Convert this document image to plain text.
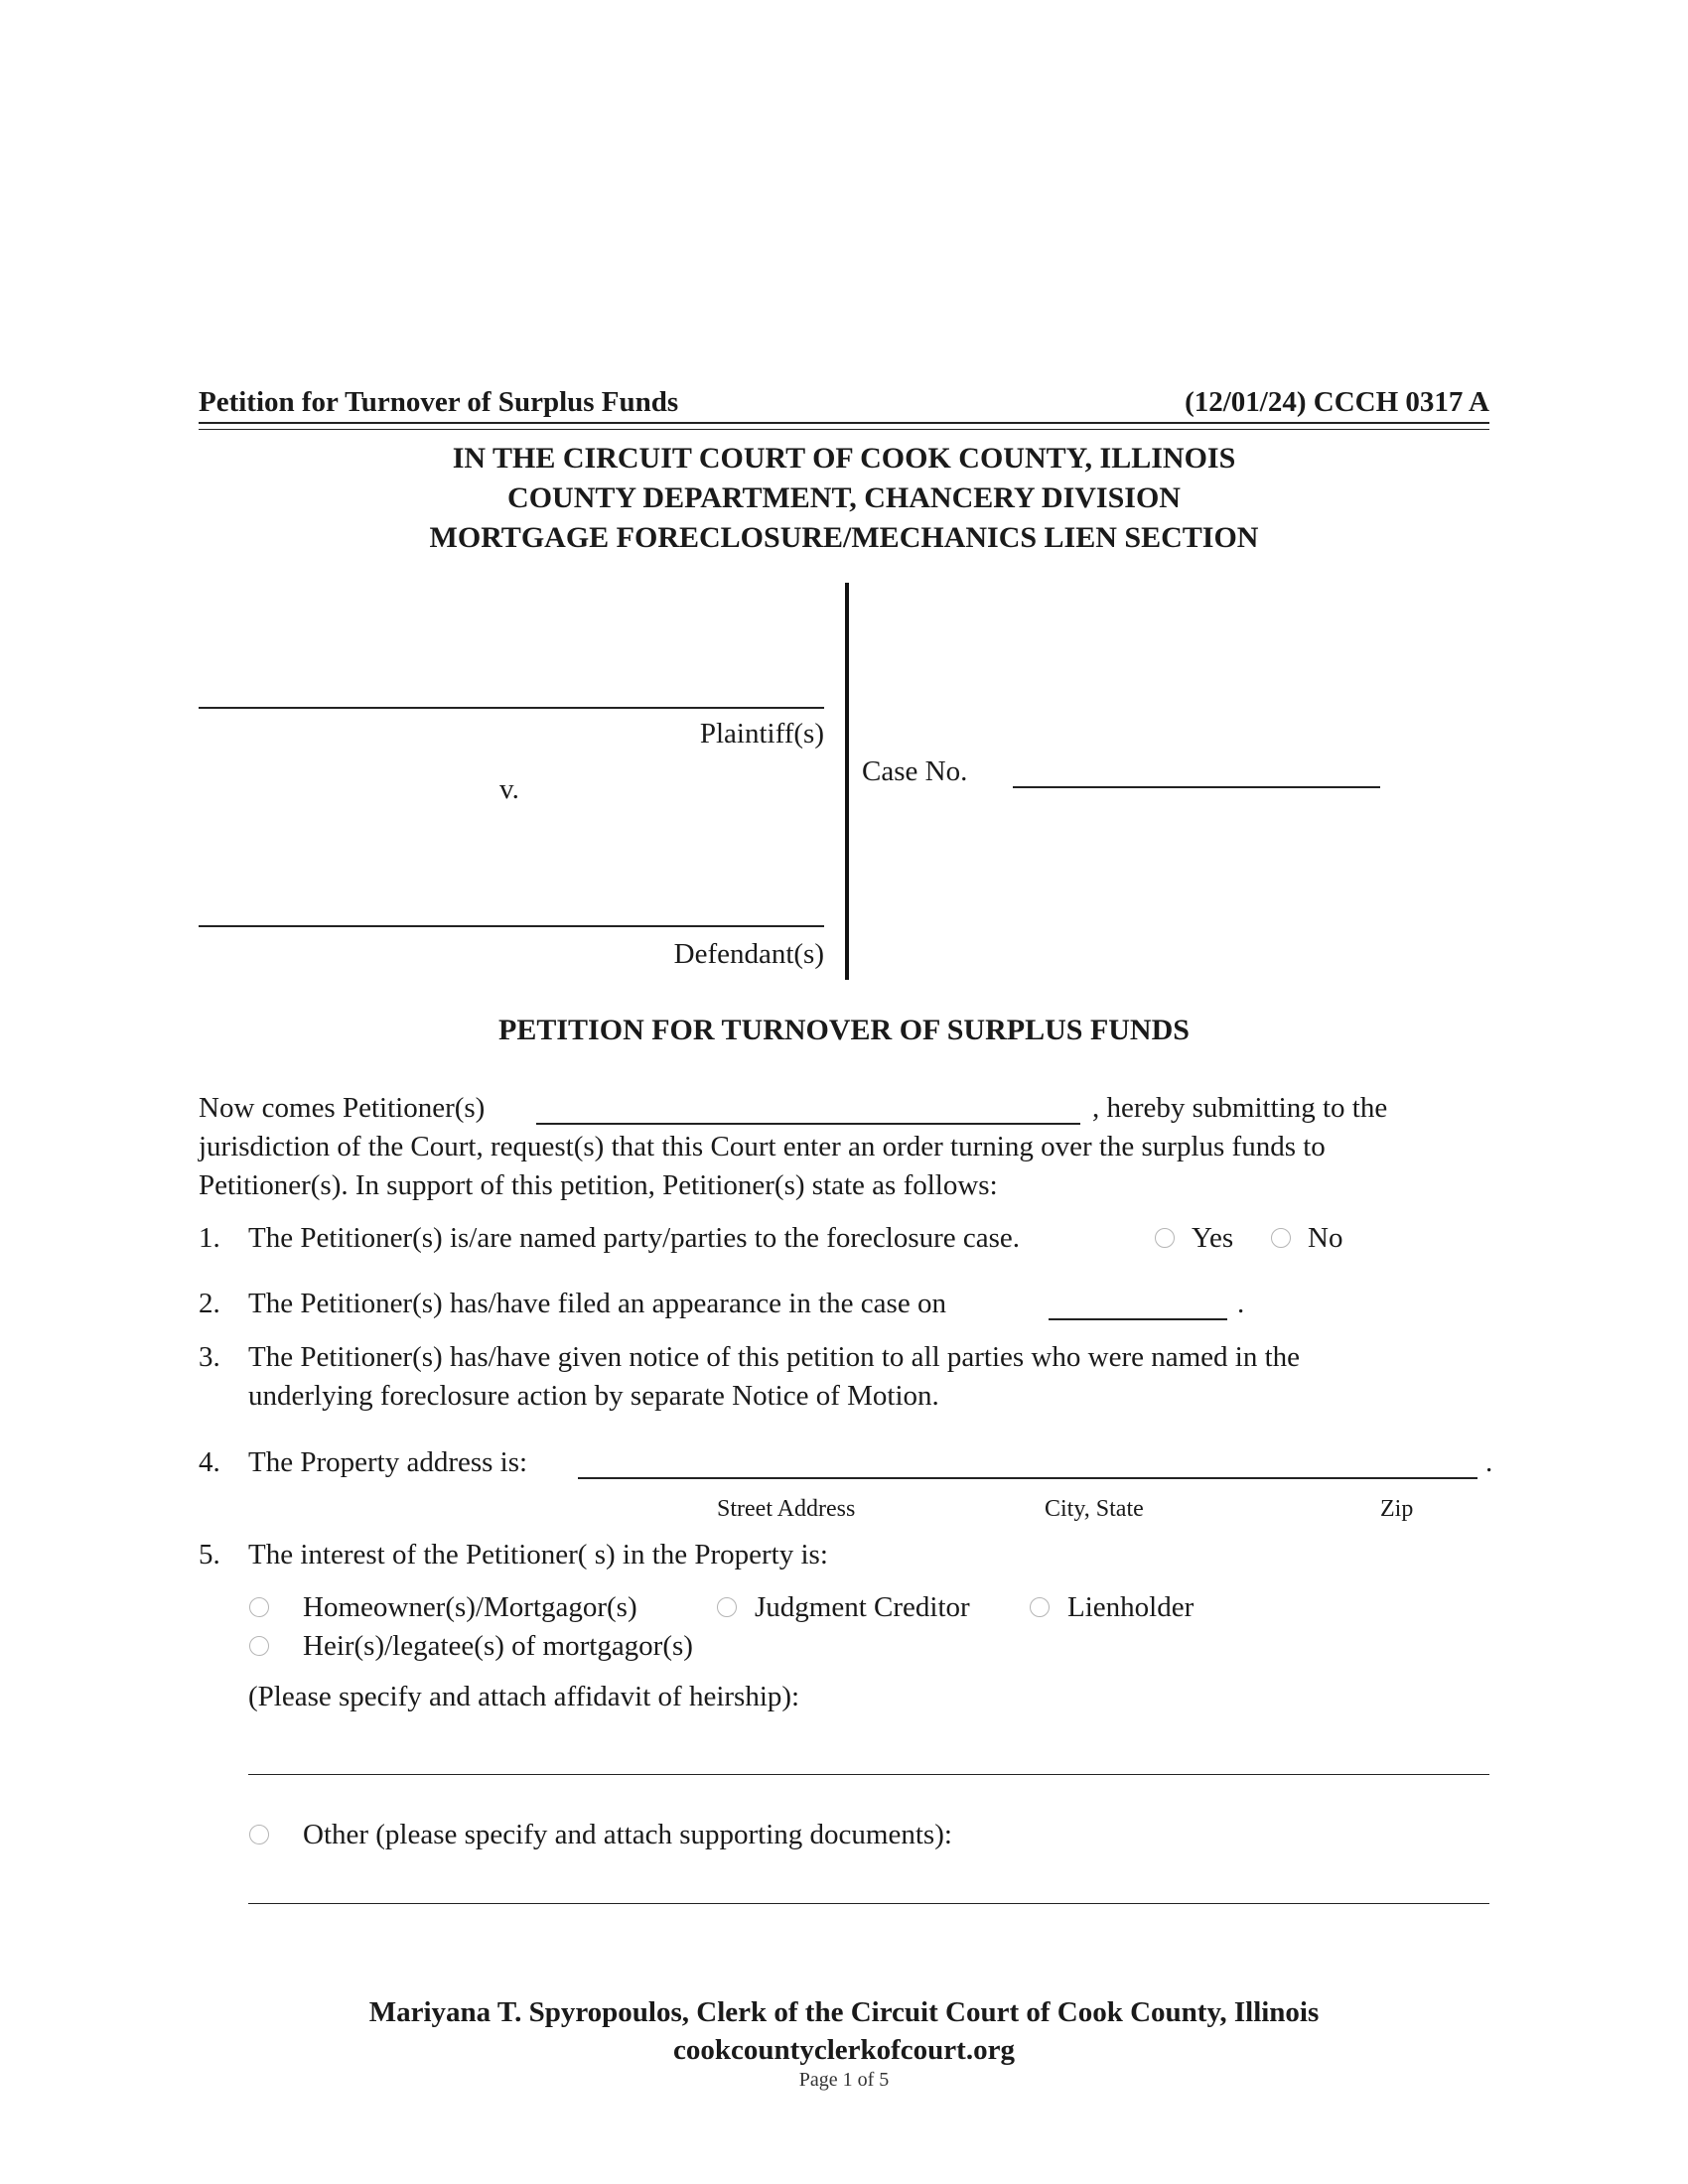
Petition for Turnover of Surplus Funds	(12/01/24) CCCH 0317 A
IN THE CIRCUIT COURT OF COOK COUNTY, ILLINOIS
COUNTY DEPARTMENT, CHANCERY DIVISION
MORTGAGE FORECLOSURE/MECHANICS LIEN SECTION
Plaintiff(s)
v.
Defendant(s)
Case No.
PETITION FOR TURNOVER OF SURPLUS FUNDS
Now comes Petitioner(s)	, hereby submitting to the
jurisdiction of the Court, request(s) that this Court enter an order turning over the surplus funds to
Petitioner(s). In support of this petition, Petitioner(s) state as follows:
1. The Petitioner(s) is/are named party/parties to the foreclosure case.	Yes	No
2. The Petitioner(s) has/have filed an appearance in the case on	.
3. The Petitioner(s) has/have given notice of this petition to all parties who were named in the
underlying foreclosure action by separate Notice of Motion.
4. The Property address is:	.
Street Address	City, State	Zip
5. The interest of the Petitioner( s) in the Property is:
Homeowner(s)/Mortgagor(s)	Judgment Creditor	Lienholder
Heir(s)/legatee(s) of mortgagor(s)
(Please specify and attach affidavit of heirship):
Other (please specify and attach supporting documents):
Mariyana T. Spyropoulos, Clerk of the Circuit Court of Cook County, Illinois
cookcountyclerkofcourt.org
Page 1 of 5
